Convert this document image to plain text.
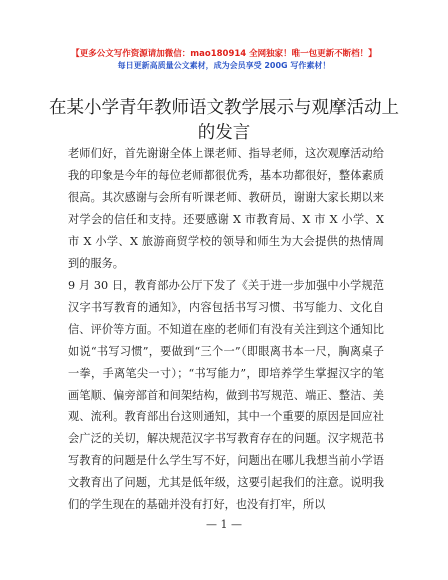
【更多公文写作资源请加微信：mao180914 全网独家！唯一包更新不断档！】
每日更新高质量公文素材，成为会员享受 200G 写作素材！
在某小学青年教师语文教学展示与观摩活动上的发言

老师们好，首先谢谢全体上课老师、指导老师，这次观摩活动给我的印象是今年的每位老师都很优秀，基本功都很好，整体素质很高。其次感谢与会所有听课老师、教研员，谢谢大家长期以来对学会的信任和支持。还要感谢 X 市教育局、X 市 X 小学、X 市 X 小学、X 旅游商贸学校的领导和师生为大会提供的热情周到的服务。

9 月 30 日，教育部办公厅下发了《关于进一步加强中小学规范汉字书写教育的通知》，内容包括书写习惯、书写能力、文化自信、评价等方面。不知道在座的老师们有没有关注到这个通知比如说“书写习惯”，要做到“三个一”（即眼离书本一尺，胸离桌子一拳，手离笔尖一寸）；“书写能力”，即培养学生掌握汉字的笔画笔顺、偏旁部首和间架结构，做到书写规范、端正、整洁、美观、流利。教育部出台这则通知，其中一个重要的原因是回应社会广泛的关切，解决规范汉字书写教育存在的问题。汉字规范书写教育的问题是什么学生写不好，问题出在哪儿我想当前小学语文教育出了问题，尤其是低年级，这要引起我们的注意。说明我们的学生现在的基础并没有打好，也没有打牢，所以

— 1 —
